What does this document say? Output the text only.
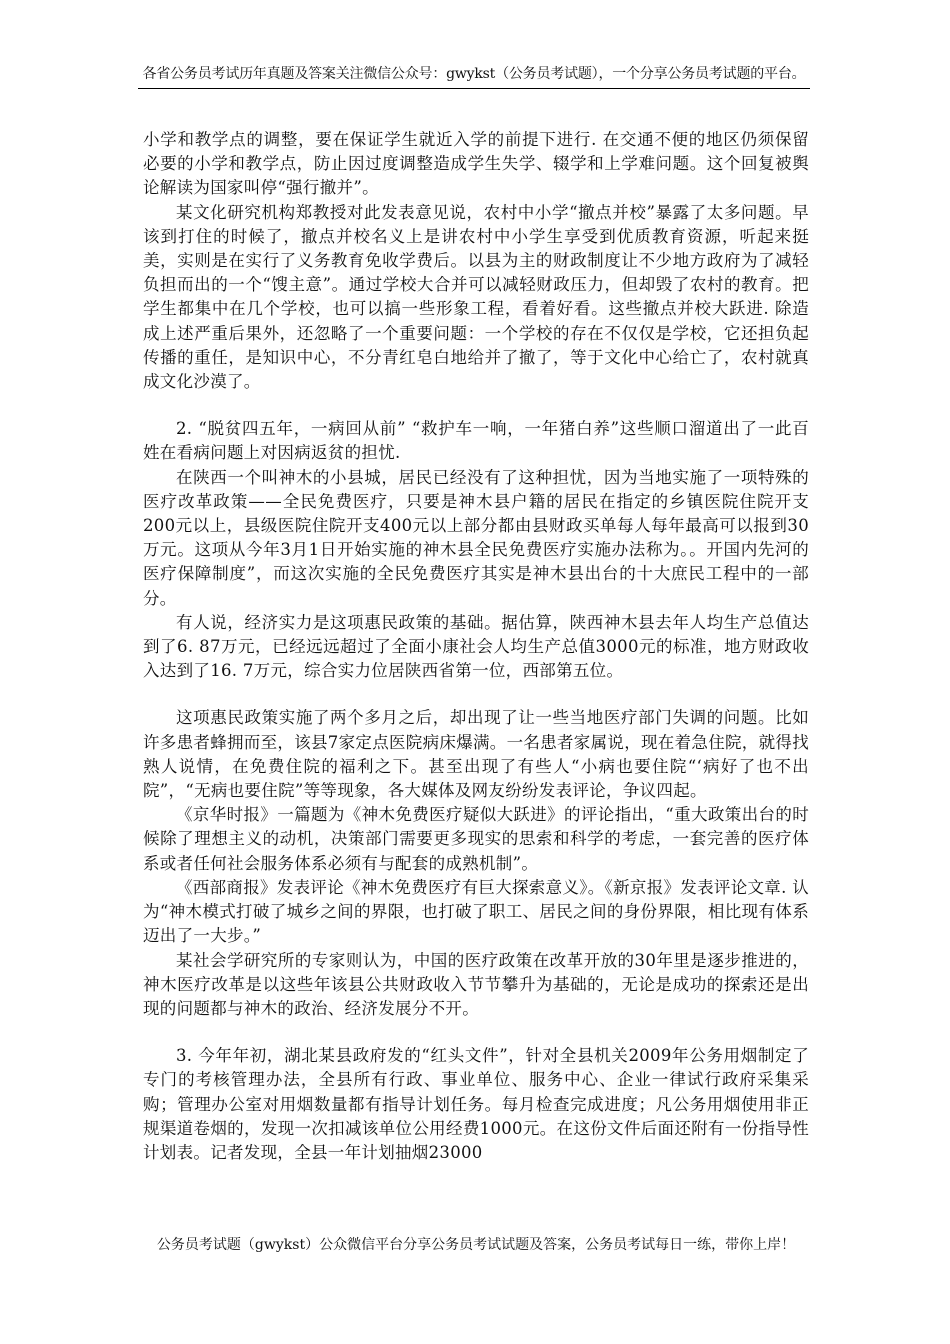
各省公务员考试历年真题及答案关注微信公众号：gwykst（公务员考试题），一个分享公务员考试题的平台。

小学和教学点的调整，要在保证学生就近入学的前提下进行. 在交通不便的地区仍须保留必要的小学和教学点，防止因过度调整造成学生失学、辍学和上学难问题。这个回复被舆论解读为国家叫停“强行撤并”。

某文化研究机构郑教授对此发表意见说，农村中小学“撤点并校”暴露了太多问题。早该到打住的时候了，撤点并校名义上是讲农村中小学生享受到优质教育资源，听起来挺美，实则是在实行了义务教育免收学费后。以县为主的财政制度让不少地方政府为了减轻负担而出的一个“馊主意”。通过学校大合并可以减轻财政压力，但却毁了农村的教育。把学生都集中在几个学校，也可以搞一些形象工程，看着好看。这些撤点并校大跃进. 除造成上述严重后果外，还忽略了一个重要问题：一个学校的存在不仅仅是学校，它还担负起传播的重任，是知识中心，不分青红皂白地给并了撤了，等于文化中心给亡了，农村就真成文化沙漠了。

2. “脱贫四五年，一病回从前” “救护车一响，一年猪白养”这些顺口溜道出了一此百姓在看病问题上对因病返贫的担忧.

在陕西一个叫神木的小县城，居民已经没有了这种担忧，因为当地实施了一项特殊的医疗改革政策——全民免费医疗，只要是神木县户籍的居民在指定的乡镇医院住院开支200元以上，县级医院住院开支400元以上部分都由县财政买单每人每年最高可以报到30万元。这项从今年3月1日开始实施的神木县全民免费医疗实施办法称为。。开国内先河的医疗保障制度”，而这次实施的全民免费医疗其实是神木县出台的十大庶民工程中的一部分。

有人说，经济实力是这项惠民政策的基础。据估算，陕西神木县去年人均生产总值达到了6. 87万元，已经远远超过了全面小康社会人均生产总值3000元的标准，地方财政收入达到了16. 7万元，综合实力位居陕西省第一位，西部第五位。

这项惠民政策实施了两个多月之后，却出现了让一些当地医疗部门失调的问题。比如许多患者蜂拥而至，该县7家定点医院病床爆满。一名患者家属说，现在着急住院，就得找熟人说情，在免费住院的福利之下。甚至出现了有些人“小病也要住院“‘病好了也不出院”，“无病也要住院”等等现象，各大媒体及网友纷纷发表评论，争议四起。

《京华时报》一篇题为《神木免费医疗疑似大跃进》的评论指出，“重大政策出台的时候除了理想主义的动机，决策部门需要更多现实的思索和科学的考虑，一套完善的医疗体系或者任何社会服务体系必须有与配套的成熟机制”。

《西部商报》发表评论《神木免费医疗有巨大探索意义》。《新京报》发表评论文章. 认为“神木模式打破了城乡之间的界限，也打破了职工、居民之间的身份界限，相比现有体系迈出了一大步。”

某社会学研究所的专家则认为，中国的医疗政策在改革开放的30年里是逐步推进的，神木医疗改革是以这些年该县公共财政收入节节攀升为基础的，无论是成功的探索还是出现的问题都与神木的政治、经济发展分不开。

3. 今年年初，湖北某县政府发的“红头文件”，针对全县机关2009年公务用烟制定了专门的考核管理办法，全县所有行政、事业单位、服务中心、企业一律试行政府采集采购；管理办公室对用烟数量都有指导计划任务。每月检查完成进度；凡公务用烟使用非正规渠道卷烟的，发现一次扣减该单位公用经费1000元。在这份文件后面还附有一份指导性计划表。记者发现，全县一年计划抽烟23000

公务员考试题（gwykst）公众微信平台分享公务员考试试题及答案，公务员考试每日一练，带你上岸！
